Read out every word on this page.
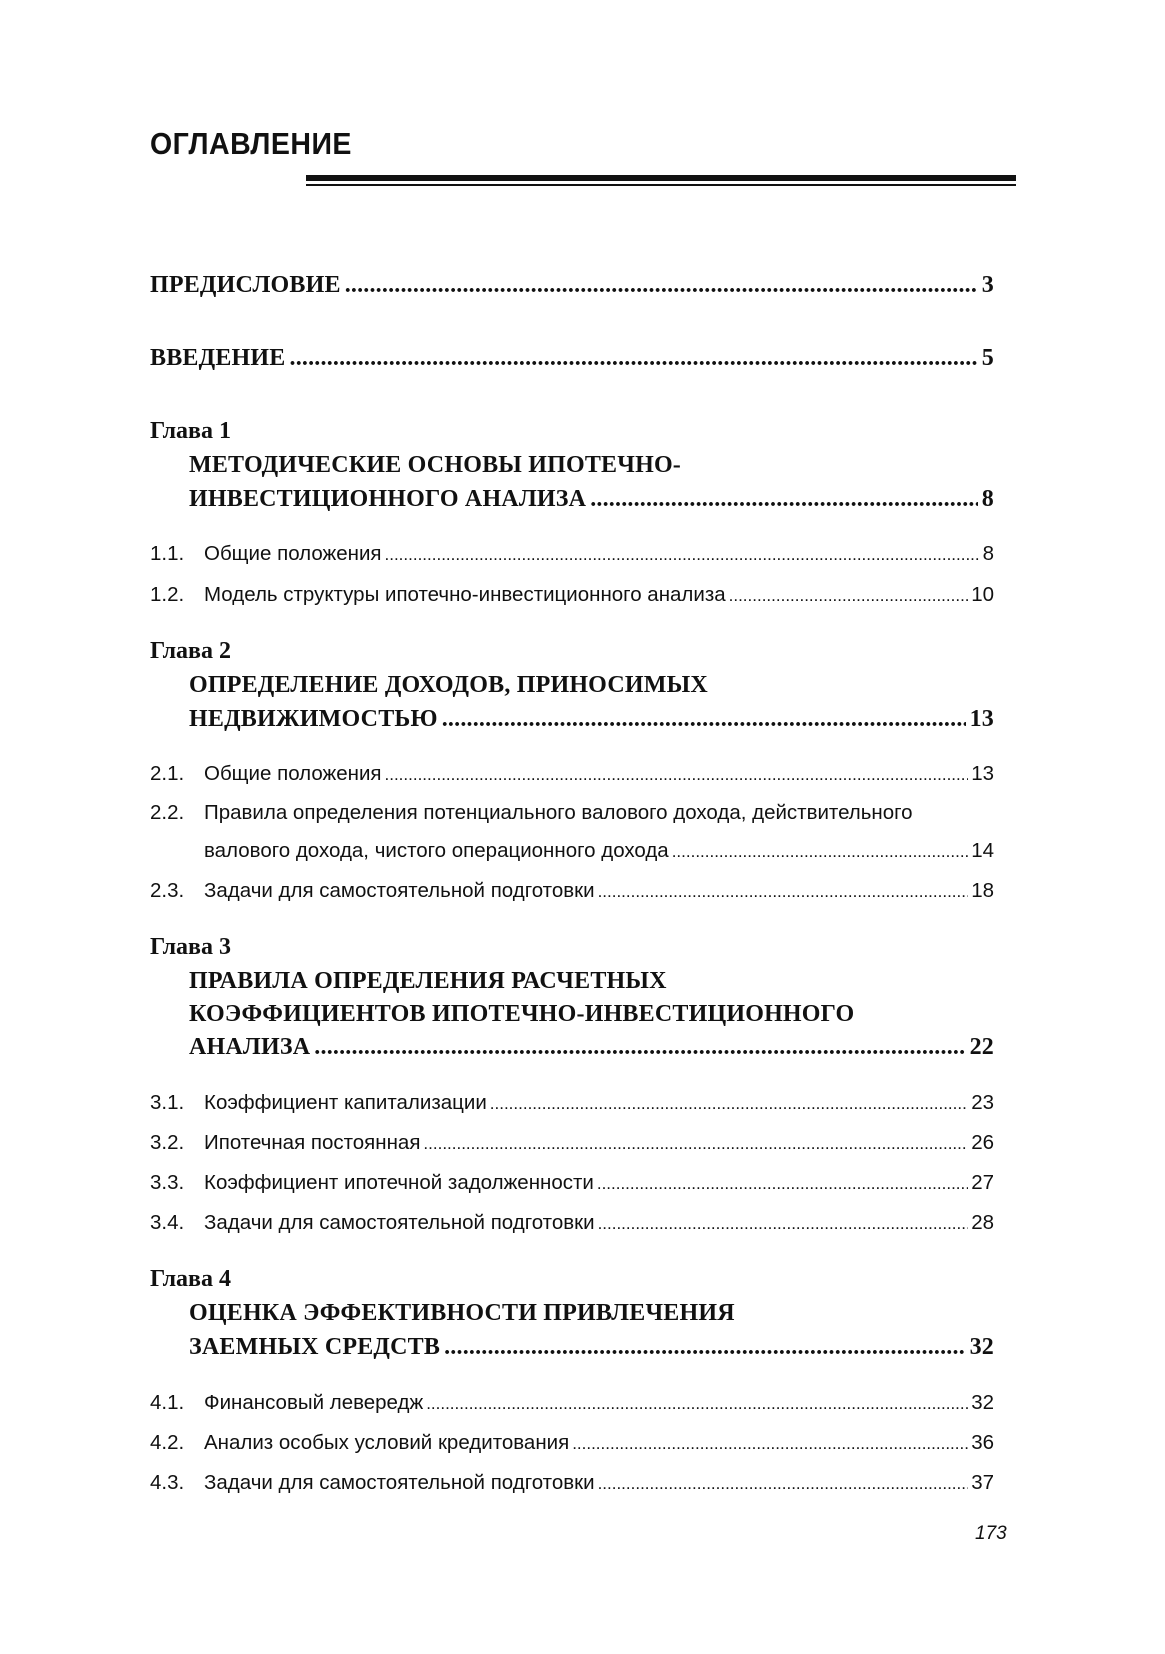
ОГЛАВЛЕНИЕ
ПРЕДИСЛОВИЕ .....	3
ВВЕДЕНИЕ .....	5
Глава 1
МЕТОДИЧЕСКИЕ ОСНОВЫ ИПОТЕЧНО-
ИНВЕСТИЦИОННОГО АНАЛИЗА .....	8
1.1. Общие положения .....	8
1.2. Модель структуры ипотечно-инвестиционного анализа .....	10
Глава 2
ОПРЕДЕЛЕНИЕ ДОХОДОВ, ПРИНОСИМЫХ
НЕДВИЖИМОСТЬЮ .....	13
2.1. Общие положения .....	13
2.2. Правила определения потенциального валового дохода, действительного
валового дохода, чистого операционного дохода .....	14
2.3. Задачи для самостоятельной подготовки .....	18
Глава 3
ПРАВИЛА ОПРЕДЕЛЕНИЯ РАСЧЕТНЫХ
КОЭФФИЦИЕНТОВ ИПОТЕЧНО-ИНВЕСТИЦИОННОГО
АНАЛИЗА .....	22
3.1. Коэффициент капитализации .....	23
3.2. Ипотечная постоянная .....	26
3.3. Коэффициент ипотечной задолженности .....	27
3.4. Задачи для самостоятельной подготовки .....	28
Глава 4
ОЦЕНКА ЭФФЕКТИВНОСТИ ПРИВЛЕЧЕНИЯ
ЗАЕМНЫХ СРЕДСТВ .....	32
4.1. Финансовый левередж .....	32
4.2. Анализ особых условий кредитования .....	36
4.3. Задачи для самостоятельной подготовки .....	37
173
